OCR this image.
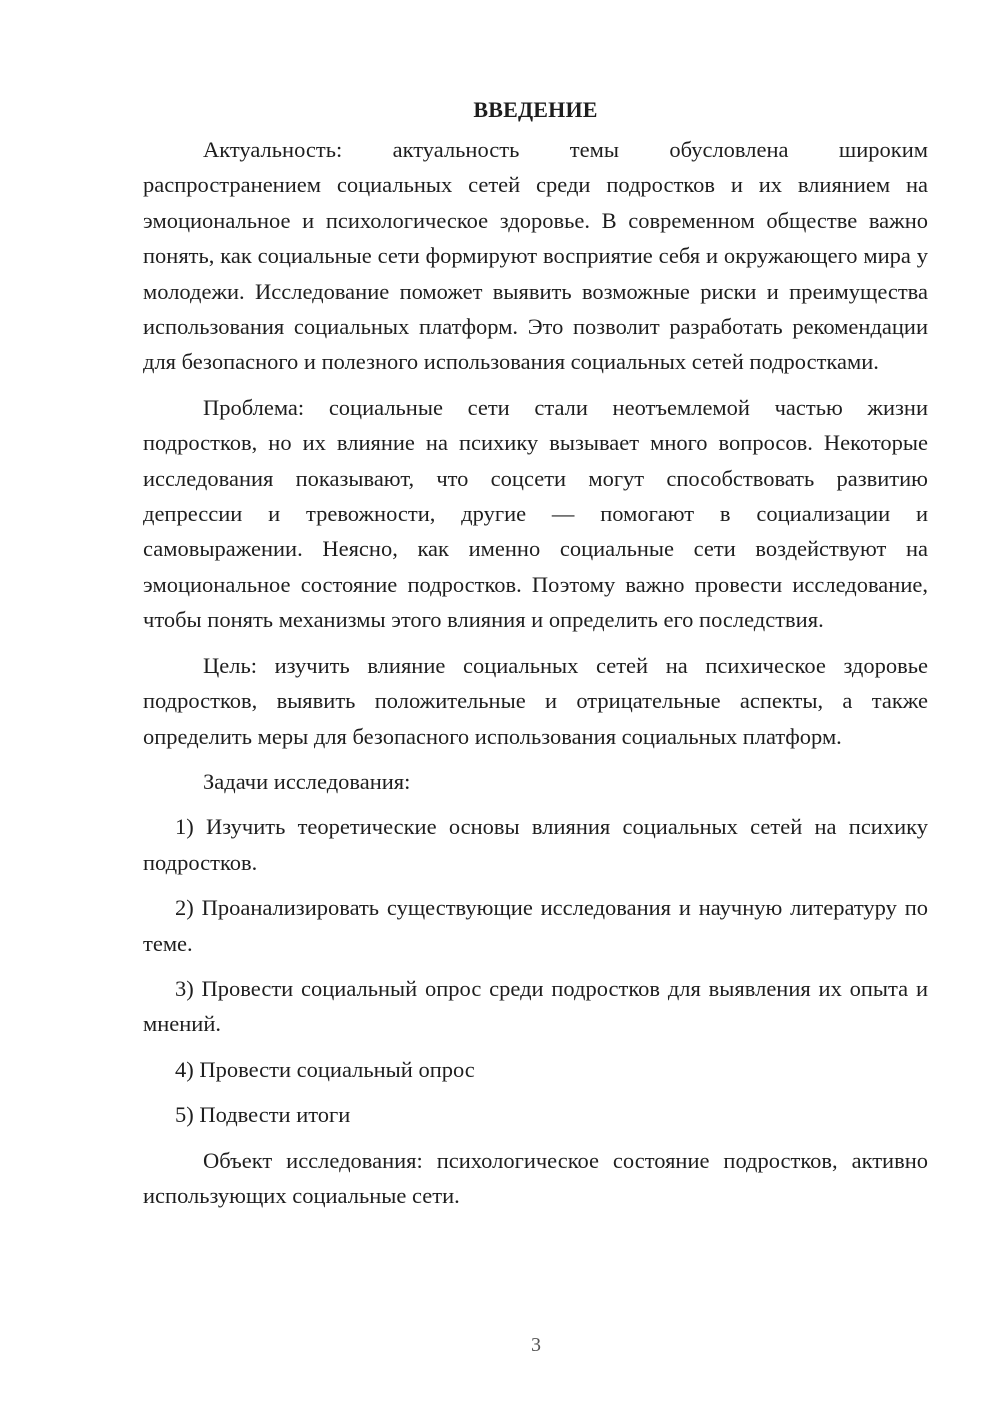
ВВЕДЕНИЕ

Актуальность: актуальность темы обусловлена широким распространением социальных сетей среди подростков и их влиянием на эмоциональное и психологическое здоровье. В современном обществе важно понять, как социальные сети формируют восприятие себя и окружающего мира у молодежи. Исследование поможет выявить возможные риски и преимущества использования социальных платформ. Это позволит разработать рекомендации для безопасного и полезного использования социальных сетей подростками.

Проблема: социальные сети стали неотъемлемой частью жизни подростков, но их влияние на психику вызывает много вопросов. Некоторые исследования показывают, что соцсети могут способствовать развитию депрессии и тревожности, другие — помогают в социализации и самовыражении. Неясно, как именно социальные сети воздействуют на эмоциональное состояние подростков. Поэтому важно провести исследование, чтобы понять механизмы этого влияния и определить его последствия.

Цель: изучить влияние социальных сетей на психическое здоровье подростков, выявить положительные и отрицательные аспекты, а также определить меры для безопасного использования социальных платформ.

Задачи исследования:

1) Изучить теоретические основы влияния социальных сетей на психику подростков.

2) Проанализировать существующие исследования и научную литературу по теме.

3) Провести социальный опрос среди подростков для выявления их опыта и мнений.

4) Провести социальный опрос

5) Подвести итоги

Объект исследования: психологическое состояние подростков, активно использующих социальные сети.

3
